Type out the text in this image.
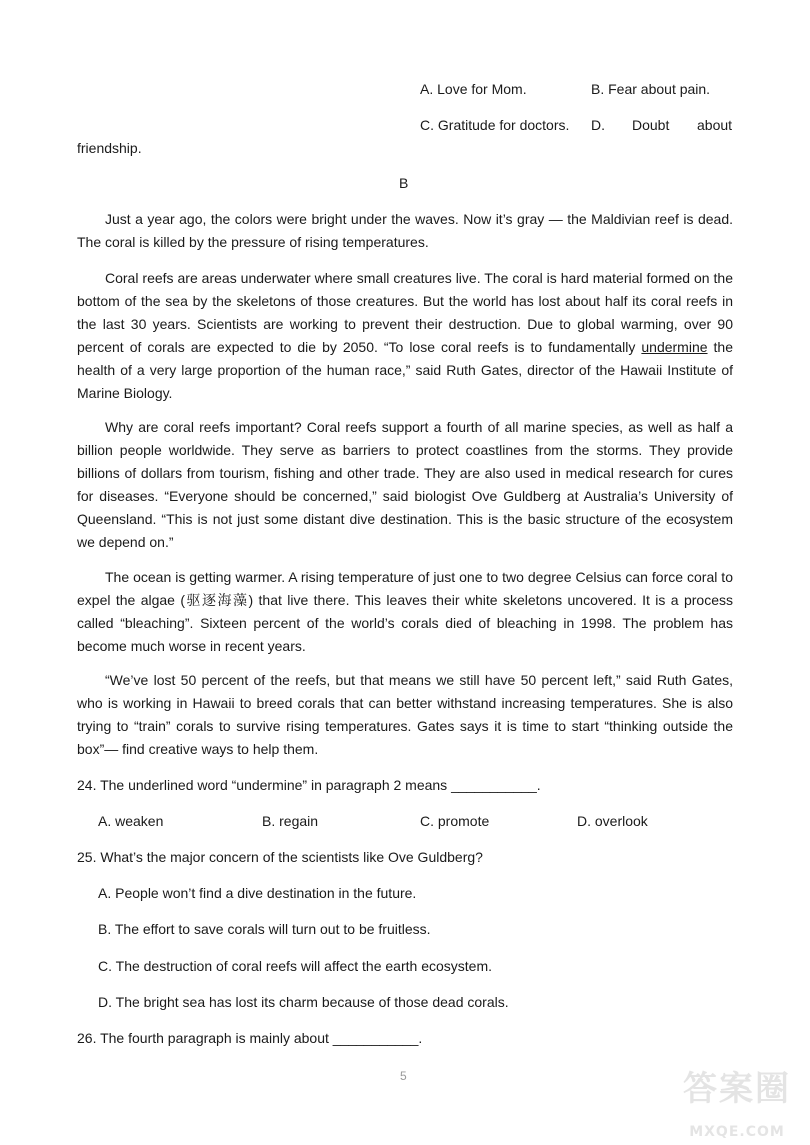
A. Love for Mom.	B. Fear about pain.
C. Gratitude for doctors. D. Doubt about
friendship.
B
Just a year ago, the colors were bright under the waves. Now it’s gray — the Maldivian reef is dead. The coral is killed by the pressure of rising temperatures.
Coral reefs are areas underwater where small creatures live. The coral is hard material formed on the bottom of the sea by the skeletons of those creatures. But the world has lost about half its coral reefs in the last 30 years. Scientists are working to prevent their destruction. Due to global warming, over 90 percent of corals are expected to die by 2050. “To lose coral reefs is to fundamentally undermine the health of a very large proportion of the human race,” said Ruth Gates, director of the Hawaii Institute of Marine Biology.
Why are coral reefs important? Coral reefs support a fourth of all marine species, as well as half a billion people worldwide. They serve as barriers to protect coastlines from the storms. They provide billions of dollars from tourism, fishing and other trade. They are also used in medical research for cures for diseases. “Everyone should be concerned,” said biologist Ove Guldberg at Australia’s University of Queensland. “This is not just some distant dive destination. This is the basic structure of the ecosystem we depend on.”
The ocean is getting warmer. A rising temperature of just one to two degree Celsius can force coral to expel the algae (驱逐海藻) that live there. This leaves their white skeletons uncovered. It is a process called “bleaching”. Sixteen percent of the world’s corals died of bleaching in 1998. The problem has become much worse in recent years.
“We’ve lost 50 percent of the reefs, but that means we still have 50 percent left,” said Ruth Gates, who is working in Hawaii to breed corals that can better withstand increasing temperatures. She is also trying to “train” corals to survive rising temperatures. Gates says it is time to start “thinking outside the box”— find creative ways to help them.
24. The underlined word “undermine” in paragraph 2 means ___________.
A. weaken	B. regain	C. promote	D. overlook
25. What’s the major concern of the scientists like Ove Guldberg?
A. People won’t find a dive destination in the future.
B. The effort to save corals will turn out to be fruitless.
C. The destruction of coral reefs will affect the earth ecosystem.
D. The bright sea has lost its charm because of those dead corals.
26. The fourth paragraph is mainly about ___________.
5	答案圈
MXQE.COM
